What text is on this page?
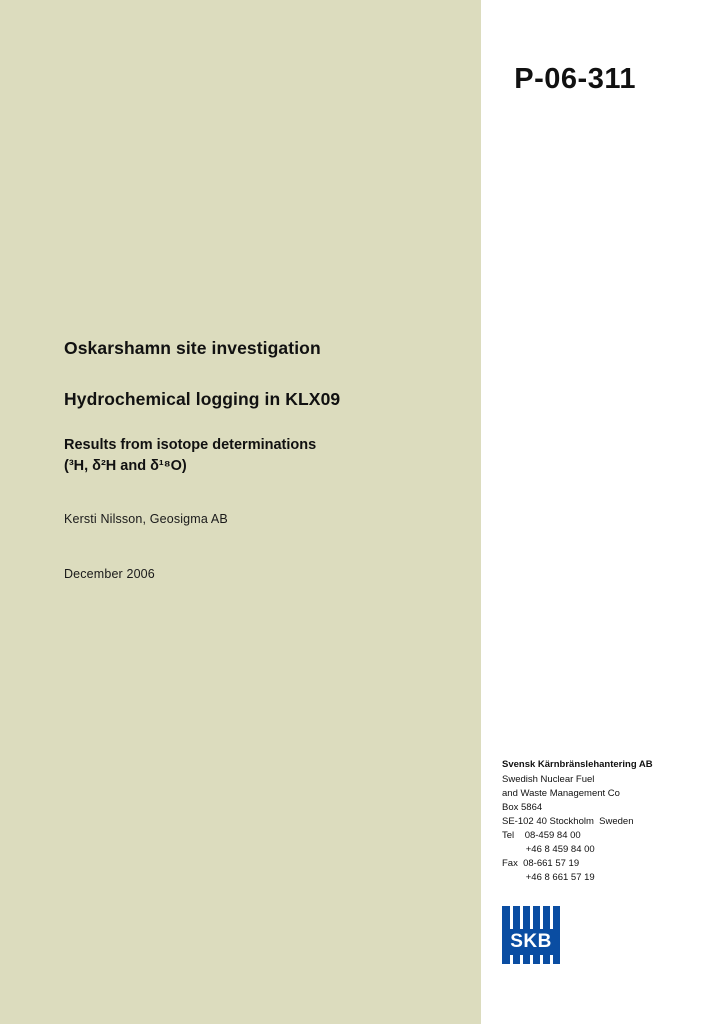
P-06-311
Oskarshamn site investigation
Hydrochemical logging in KLX09
Results from isotope determinations
(³H, δ²H and δ¹⁸O)
Kersti Nilsson, Geosigma AB
December 2006
Svensk Kärnbränslehantering AB
Swedish Nuclear Fuel
and Waste Management Co
Box 5864
SE-102 40 Stockholm  Sweden
Tel    08-459 84 00
+46 8 459 84 00
Fax  08-661 57 19
+46 8 661 57 19
SKB
